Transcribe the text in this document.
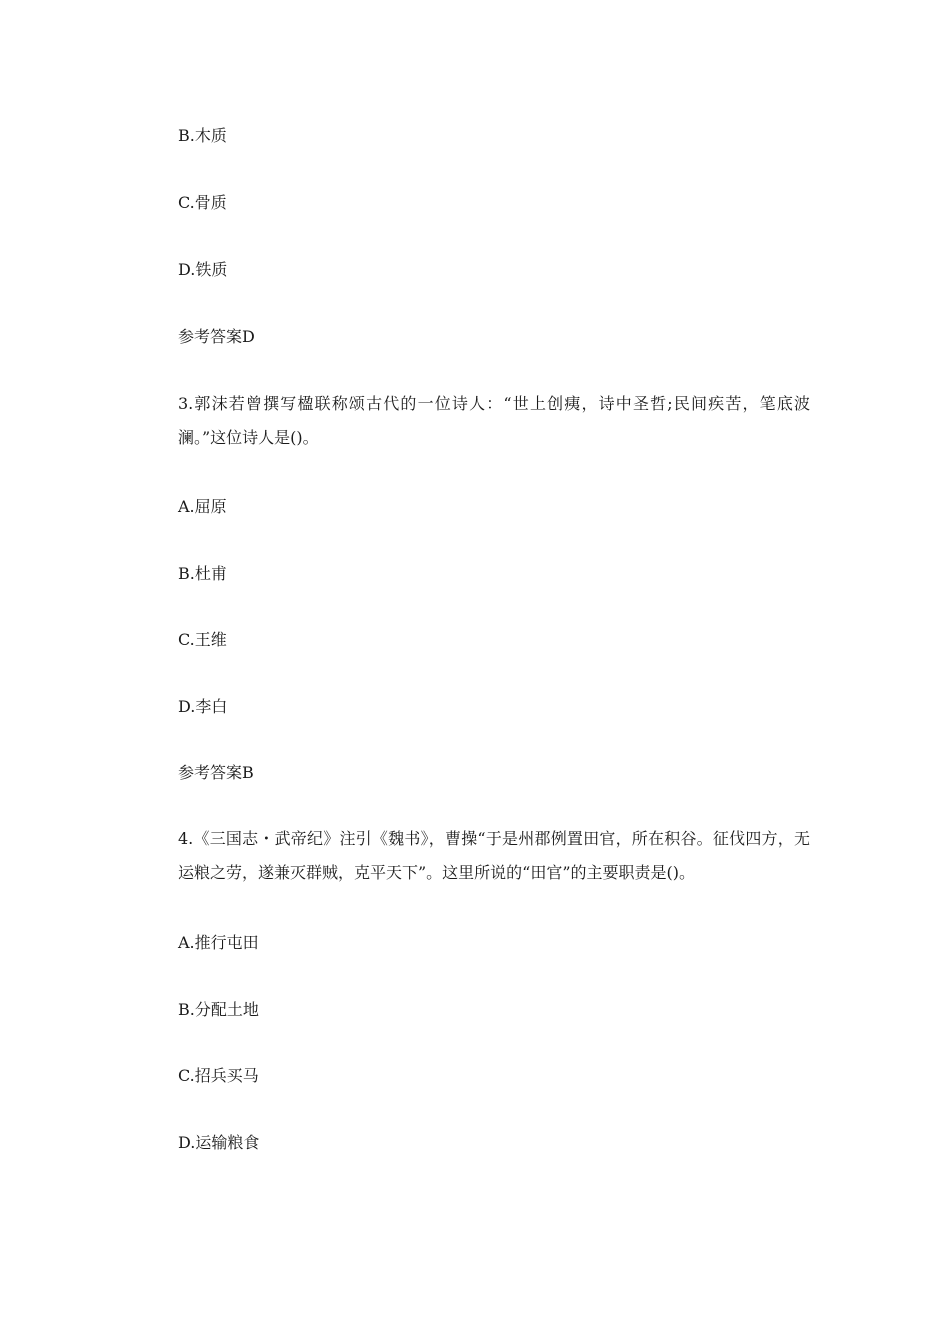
B.木质
C.骨质
D.铁质
参考答案D

3.郭沫若曾撰写楹联称颂古代的一位诗人：“世上创痍，诗中圣哲;民间疾苦，笔底波澜。”这位诗人是()。

A.屈原
B.杜甫
C.王维
D.李白
参考答案B

4.《三国志・武帝纪》注引《魏书》，曹操“于是州郡例置田官，所在积谷。征伐四方，无运粮之劳，遂兼灭群贼，克平天下”。这里所说的“田官”的主要职责是()。

A.推行屯田
B.分配土地
C.招兵买马
D.运输粮食
